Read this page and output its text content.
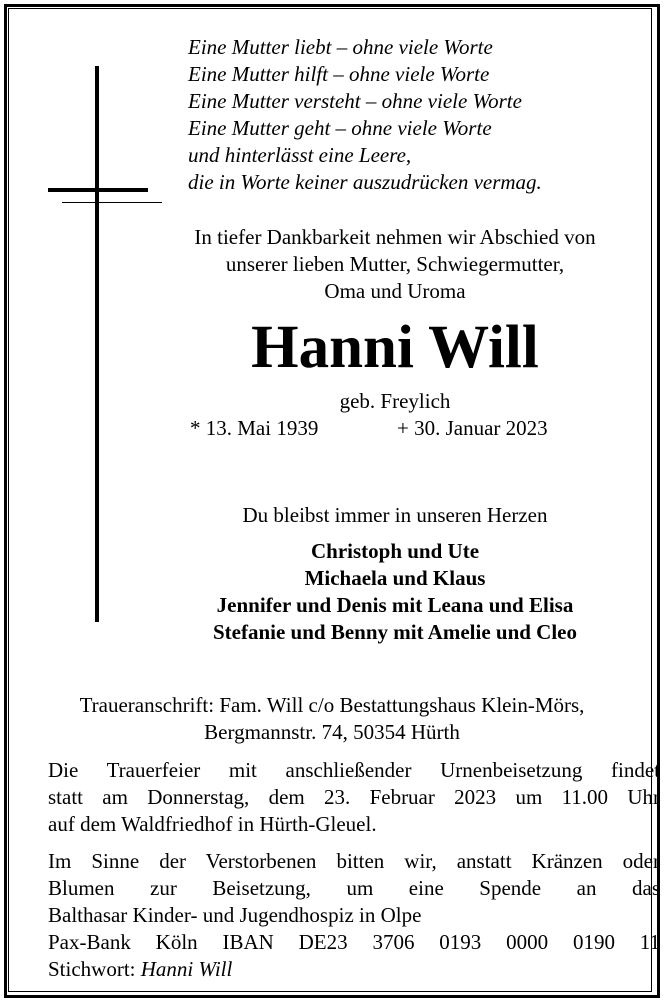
Eine Mutter liebt – ohne viele Worte
Eine Mutter hilft – ohne viele Worte
Eine Mutter versteht – ohne viele Worte
Eine Mutter geht – ohne viele Worte
und hinterlässt eine Leere,
die in Worte keiner auszudrücken vermag.
In tiefer Dankbarkeit nehmen wir Abschied von
unserer lieben Mutter, Schwiegermutter,
Oma und Uroma
Hanni Will
geb. Freylich
* 13. Mai 1939	+ 30. Januar 2023
Du bleibst immer in unseren Herzen
Christoph und Ute
Michaela und Klaus
Jennifer und Denis mit Leana und Elisa
Stefanie und Benny mit Amelie und Cleo
Traueranschrift: Fam. Will c/o Bestattungshaus Klein-Mörs,
Bergmannstr. 74, 50354 Hürth
Die Trauerfeier mit anschließender Urnenbeisetzung findet
statt am Donnerstag, dem 23. Februar 2023 um 11.00 Uhr
auf dem Waldfriedhof in Hürth-Gleuel.
Im Sinne der Verstorbenen bitten wir, anstatt Kränzen oder
Blumen zur Beisetzung, um eine Spende an das
Balthasar Kinder- und Jugendhospiz in Olpe
Pax-Bank Köln IBAN DE23 3706 0193 0000 0190 11
Stichwort: Hanni Will
